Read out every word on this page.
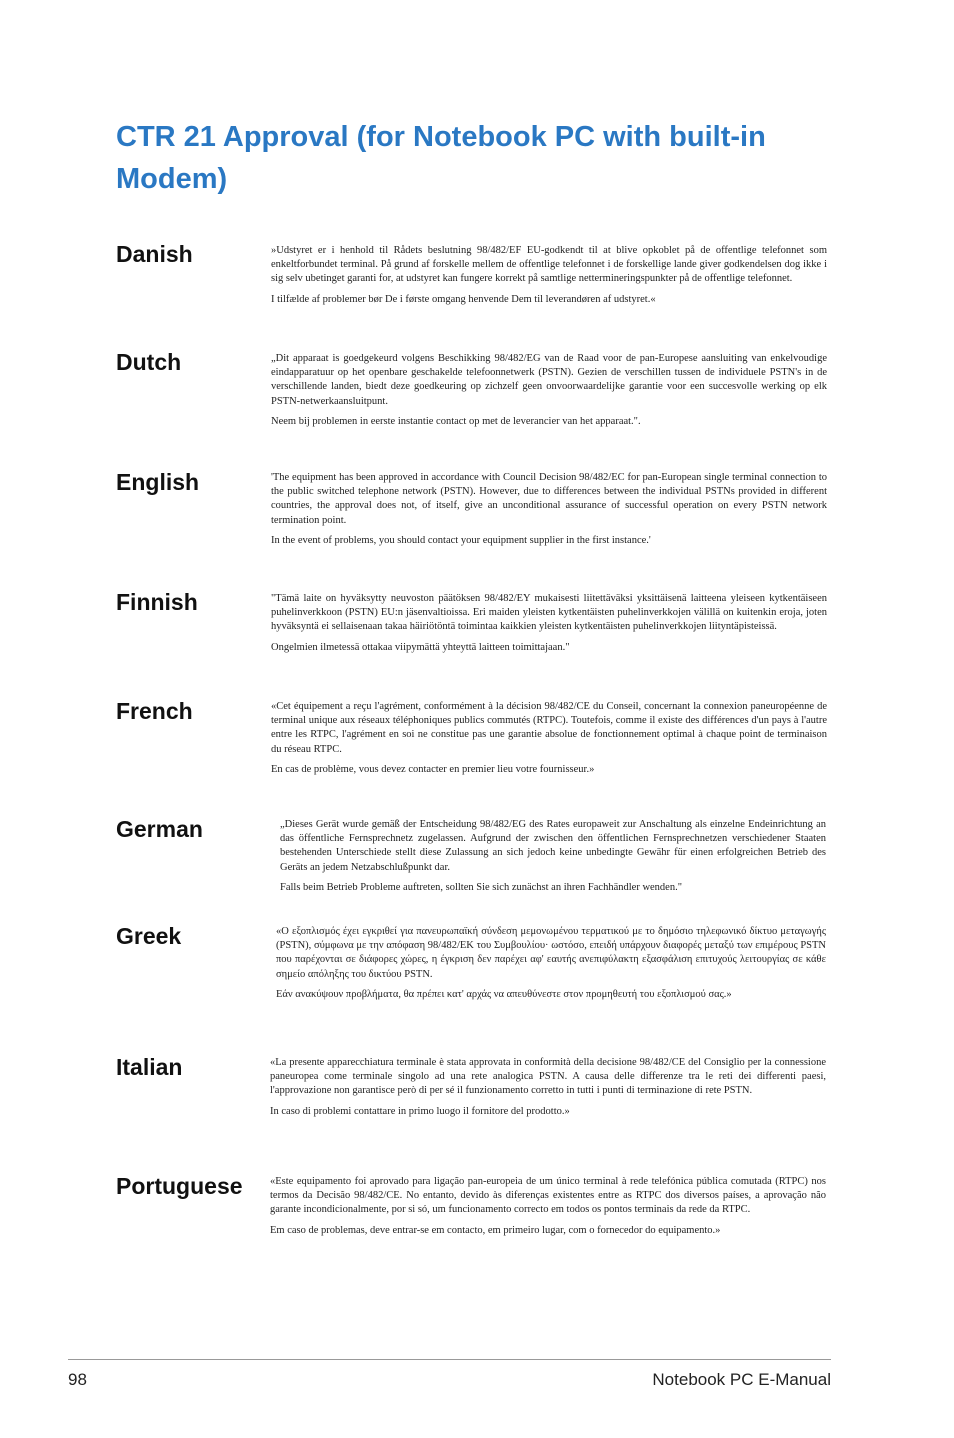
CTR 21 Approval (for Notebook PC with built-in Modem)
Danish	»Udstyret er i henhold til Rådets beslutning 98/482/EF EU-godkendt til at blive opkoblet på de offentlige telefonnet som enkeltforbundet terminal. På grund af forskelle mellem de offentlige telefonnet i de forskellige lande giver godkendelsen dog ikke i sig selv ubetinget garanti for, at udstyret kan fungere korrekt på samtlige nettermineringspunkter på de offentlige telefonnet.

I tilfælde af problemer bør De i første omgang henvende Dem til leverandøren af udstyret.«

Dutch	„Dit apparaat is goedgekeurd volgens Beschikking 98/482/EG van de Raad voor de pan-Europese aansluiting van enkelvoudige eindapparatuur op het openbare geschakelde telefoonnetwerk (PSTN). Gezien de verschillen tussen de individuele PSTN's in de verschillende landen, biedt deze goedkeuring op zichzelf geen onvoorwaardelijke garantie voor een succesvolle werking op elk PSTN-netwerkaansluitpunt.

Neem bij problemen in eerste instantie contact op met de leverancier van het apparaat.".

English	'The equipment has been approved in accordance with Council Decision 98/482/EC for pan-European single terminal connection to the public switched telephone network (PSTN). However, due to differences between the individual PSTNs provided in different countries, the approval does not, of itself, give an unconditional assurance of successful operation on every PSTN network termination point.

In the event of problems, you should contact your equipment supplier in the first instance.'

Finnish	"Tämä laite on hyväksytty neuvoston päätöksen 98/482/EY mukaisesti liitettäväksi yksittäisenä laitteena yleiseen kytkentäiseen puhelinverkkoon (PSTN) EU:n jäsenvaltioissa. Eri maiden yleisten kytkentäisten puhelinverkkojen välillä on kuitenkin eroja, joten hyväksyntä ei sellaisenaan takaa häiriötöntä toimintaa kaikkien yleisten kytkentäisten puhelinverkkojen liityntäpisteissä.

Ongelmien ilmetessä ottakaa viipymättä yhteyttä laitteen toimittajaan."

French	«Cet équipement a reçu l'agrément, conformément à la décision 98/482/CE du Conseil, concernant la connexion paneuropéenne de terminal unique aux réseaux téléphoniques publics commutés (RTPC). Toutefois, comme il existe des différences d'un pays à l'autre entre les RTPC, l'agrément en soi ne constitue pas une garantie absolue de fonctionnement optimal à chaque point de terminaison du réseau RTPC.

En cas de problème, vous devez contacter en premier lieu votre fournisseur.»

German	„Dieses Gerät wurde gemäß der Entscheidung 98/482/EG des Rates europaweit zur Anschaltung als einzelne Endeinrichtung an das öffentliche Fernsprechnetz zugelassen. Aufgrund der zwischen den öffentlichen Fernsprechnetzen verschiedener Staaten bestehenden Unterschiede stellt diese Zulassung an sich jedoch keine unbedingte Gewähr für einen erfolgreichen Betrieb des Geräts an jedem Netzabschlußpunkt dar.

Falls beim Betrieb Probleme auftreten, sollten Sie sich zunächst an ihren Fachhändler wenden."

Greek	«Ο εξοπλισμός έχει εγκριθεί για πανευρωπαϊκή σύνδεση μεμονωμένου τερματικού με το δημόσιο τηλεφωνικό δίκτυο μεταγωγής (PSTN), σύμφωνα με την απόφαση 98/482/ΕΚ του Συμβουλίου· ωστόσο, επειδή υπάρχουν διαφορές μεταξύ των επιμέρους PSTN που παρέχονται σε διάφορες χώρες, η έγκριση δεν παρέχει αφ' εαυτής ανεπιφύλακτη εξασφάλιση επιτυχούς λειτουργίας σε κάθε σημείο απόληξης του δικτύου PSTN.

Εάν ανακύψουν προβλήματα, θα πρέπει κατ' αρχάς να απευθύνεστε στον προμηθευτή του εξοπλισμού σας.»

Italian	«La presente apparecchiatura terminale è stata approvata in conformità della decisione 98/482/CE del Consiglio per la connessione paneuropea come terminale singolo ad una rete analogica PSTN. A causa delle differenze tra le reti dei differenti paesi, l'approvazione non garantisce però di per sé il funzionamento corretto in tutti i punti di terminazione di rete PSTN.

In caso di problemi contattare in primo luogo il fornitore del prodotto.»

Portuguese	«Este equipamento foi aprovado para ligação pan-europeia de um único terminal à rede telefónica pública comutada (RTPC) nos termos da Decisão 98/482/CE. No entanto, devido às diferenças existentes entre as RTPC dos diversos países, a aprovação não garante incondicionalmente, por si só, um funcionamento correcto em todos os pontos terminais da rede da RTPC.

Em caso de problemas, deve entrar-se em contacto, em primeiro lugar, com o fornecedor do equipamento.»

98	Notebook PC E-Manual
